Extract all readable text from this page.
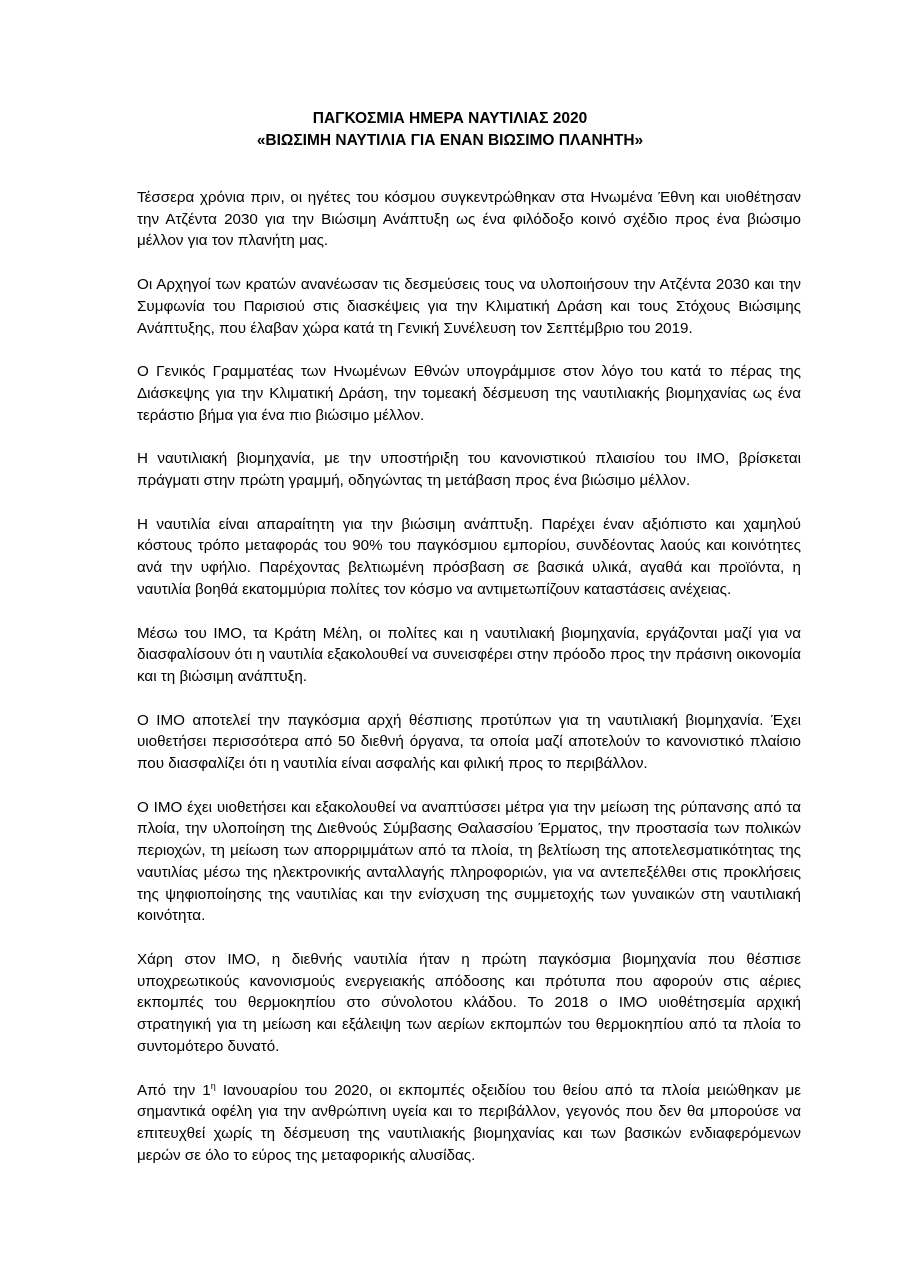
ΠΑΓΚΟΣΜΙΑ ΗΜΕΡΑ ΝΑΥΤΙΛΙΑΣ 2020
«ΒΙΩΣΙΜΗ ΝΑΥΤΙΛΙΑ ΓΙΑ ΕΝΑΝ ΒΙΩΣΙΜΟ ΠΛΑΝΗΤΗ»

Τέσσερα χρόνια πριν, οι ηγέτες του κόσμου συγκεντρώθηκαν στα Ηνωμένα Έθνη και υιοθέτησαν την Ατζέντα 2030 για την Βιώσιμη Ανάπτυξη ως ένα φιλόδοξο κοινό σχέδιο προς ένα βιώσιμο μέλλον για τον πλανήτη μας.

Οι Αρχηγοί των κρατών ανανέωσαν τις δεσμεύσεις τους να υλοποιήσουν την Ατζέντα 2030 και την Συμφωνία του Παρισιού στις διασκέψεις για την Κλιματική Δράση και τους Στόχους Βιώσιμης Ανάπτυξης, που έλαβαν χώρα κατά τη Γενική Συνέλευση τον Σεπτέμβριο του 2019.

Ο Γενικός Γραμματέας των Ηνωμένων Εθνών υπογράμμισε στον λόγο του κατά το πέρας της Διάσκεψης για την Κλιματική Δράση, την τομεακή δέσμευση της ναυτιλιακής βιομηχανίας ως ένα τεράστιο βήμα για ένα πιο βιώσιμο μέλλον.

Η ναυτιλιακή βιομηχανία, με την υποστήριξη του κανονιστικού πλαισίου του IMO, βρίσκεται πράγματι στην πρώτη γραμμή, οδηγώντας τη μετάβαση προς ένα βιώσιμο μέλλον.

Η ναυτιλία είναι απαραίτητη για την βιώσιμη ανάπτυξη. Παρέχει έναν αξιόπιστο και χαμηλού κόστους τρόπο μεταφοράς του 90% του παγκόσμιου εμπορίου, συνδέοντας λαούς και κοινότητες ανά την υφήλιο. Παρέχοντας βελτιωμένη πρόσβαση σε βασικά υλικά, αγαθά και προϊόντα, η ναυτιλία βοηθά εκατομμύρια πολίτες τον κόσμο να αντιμετωπίζουν καταστάσεις ανέχειας.

Μέσω του IMO, τα Κράτη Μέλη, οι πολίτες και η ναυτιλιακή βιομηχανία, εργάζονται μαζί για να διασφαλίσουν ότι η ναυτιλία εξακολουθεί να συνεισφέρει στην πρόοδο προς την πράσινη οικονομία και τη βιώσιμη ανάπτυξη.

Ο IMO αποτελεί την παγκόσμια αρχή θέσπισης προτύπων για τη ναυτιλιακή βιομηχανία. Έχει υιοθετήσει περισσότερα από 50 διεθνή όργανα, τα οποία μαζί αποτελούν το κανονιστικό πλαίσιο που διασφαλίζει ότι η ναυτιλία είναι ασφαλής και φιλική προς το περιβάλλον.

Ο IMO έχει υιοθετήσει και εξακολουθεί να αναπτύσσει μέτρα για την μείωση της ρύπανσης από τα πλοία, την υλοποίηση της Διεθνούς Σύμβασης Θαλασσίου Έρματος, την προστασία των πολικών περιοχών, τη μείωση των απορριμμάτων από τα πλοία, τη βελτίωση της αποτελεσματικότητας της ναυτιλίας μέσω της ηλεκτρονικής ανταλλαγής πληροφοριών, για να αντεπεξέλθει στις προκλήσεις της ψηφιοποίησης της ναυτιλίας και την ενίσχυση της συμμετοχής των γυναικών στη ναυτιλιακή κοινότητα.

Χάρη στον IMO, η διεθνής ναυτιλία ήταν η πρώτη παγκόσμια βιομηχανία που θέσπισε υποχρεωτικούς κανονισμούς ενεργειακής απόδοσης και πρότυπα που αφορούν στις αέριες εκπομπές του θερμοκηπίου στο σύνολοτου κλάδου. Το 2018 ο IMO υιοθέτησεμία αρχική στρατηγική για τη μείωση και εξάλειψη των αερίων εκπομπών του θερμοκηπίου από τα πλοία το συντομότερο δυνατό.

Από την $1^\eta$ Ιανουαρίου του 2020, οι εκπομπές οξειδίου του θείου από τα πλοία μειώθηκαν με σημαντικά οφέλη για την ανθρώπινη υγεία και το περιβάλλον, γεγονός που δεν θα μπορούσε να επιτευχθεί χωρίς τη δέσμευση της ναυτιλιακής βιομηχανίας και των βασικών ενδιαφερόμενων μερών σε όλο το εύρος της μεταφορικής αλυσίδας.
